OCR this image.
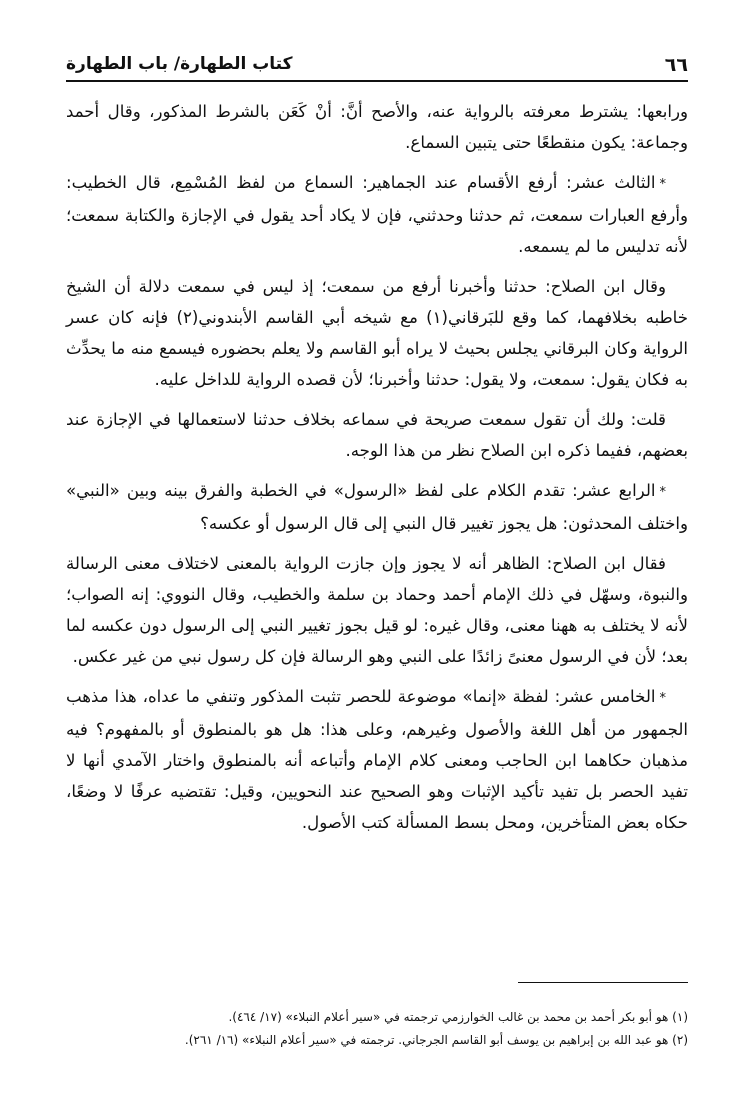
٦٦
كتاب الطهارة/ باب الطهارة

ورابعها: يشترط معرفته بالرواية عنه، والأصح أنَّ: أنْ كَعَن بالشرط المذكور، وقال أحمد وجماعة: يكون منقطعًا حتى يتبين السماع.

*الثالث عشر: أرفع الأقسام عند الجماهير: السماع من لفظ المُسْمِع، قال الخطيب: وأرفع العبارات سمعت، ثم حدثنا وحدثني، فإن لا يكاد أحد يقول في الإجازة والكتابة سمعت؛ لأنه تدليس ما لم يسمعه.

وقال ابن الصلاح: حدثنا وأخبرنا أرفع من سمعت؛ إذ ليس في سمعت دلالة أن الشيخ خاطبه بخلافهما، كما وقع للبَرقاني(١) مع شيخه أبي القاسم الأبندوني(٢) فإنه كان عسر الرواية وكان البرقاني يجلس بحيث لا يراه أبو القاسم ولا يعلم بحضوره فيسمع منه ما يحدِّث به فكان يقول: سمعت، ولا يقول: حدثنا وأخبرنا؛ لأن قصده الرواية للداخل عليه.

قلت: ولك أن تقول سمعت صريحة في سماعه بخلاف حدثنا لاستعمالها في الإجازة عند بعضهم، ففيما ذكره ابن الصلاح نظر من هذا الوجه.

*الرابع عشر: تقدم الكلام على لفظ «الرسول» في الخطبة والفرق بينه وبين «النبي» واختلف المحدثون: هل يجوز تغيير قال النبي إلى قال الرسول أو عكسه؟

فقال ابن الصلاح: الظاهر أنه لا يجوز وإن جازت الرواية بالمعنى لاختلاف معنى الرسالة والنبوة، وسهّل في ذلك الإمام أحمد وحماد بن سلمة والخطيب، وقال النووي: إنه الصواب؛ لأنه لا يختلف به ههنا معنى، وقال غيره: لو قيل بجوز تغيير النبي إلى الرسول دون عكسه لما بعد؛ لأن في الرسول معنىً زائدًا على النبي وهو الرسالة فإن كل رسول نبي من غير عكس.

*الخامس عشر: لفظة «إنما» موضوعة للحصر تثبت المذكور وتنفي ما عداه، هذا مذهب الجمهور من أهل اللغة والأصول وغيرهم، وعلى هذا: هل هو بالمنطوق أو بالمفهوم؟ فيه مذهبان حكاهما ابن الحاجب ومعنى كلام الإمام وأتباعه أنه بالمنطوق واختار الآمدي أنها لا تفيد الحصر بل تفيد تأكيد الإثبات وهو الصحيح عند النحويين، وقيل: تقتضيه عرفًا لا وضعًا، حكاه بعض المتأخرين، ومحل بسط المسألة كتب الأصول.

(١) هو أبو بكر أحمد بن محمد بن غالب الخوارزمي ترجمته في «سير أعلام النبلاء» (١٧/ ٤٦٤).

(٢) هو عبد الله بن إبراهيم بن يوسف أبو القاسم الجرجاني. ترجمته في «سير أعلام النبلاء» (١٦/ ٢٦١).
